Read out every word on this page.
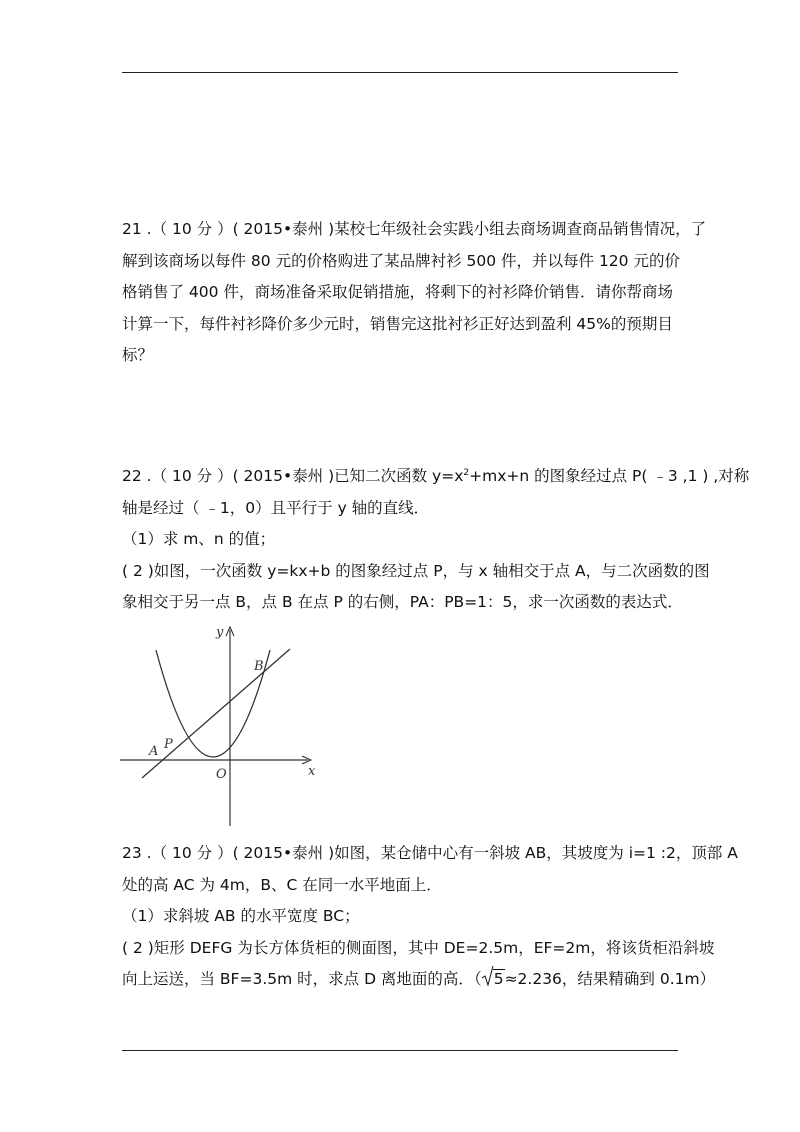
21 .（ 10 分 ）( 2015•泰州 )某校七年级社会实践小组去商场调查商品销售情况，了

解到该商场以每件 80 元的价格购进了某品牌衬衫 500 件，并以每件 120 元的价

格销售了 400 件，商场准备采取促销措施，将剩下的衬衫降价销售．请你帮商场

计算一下，每件衬衫降价多少元时，销售完这批衬衫正好达到盈利 45%的预期目

标？

22 .（ 10 分 ）( 2015•泰州 )已知二次函数 $y=x^2+mx+n$ 的图象经过点 P( ﹣3 ,1 ) ,对称

轴是经过（ ﹣1，0）且平行于 y 轴的直线．

（1）求 m、n 的值；

( 2 )如图，一次函数 y=kx+b 的图象经过点 P，与 x 轴相交于点 A，与二次函数的图

象相交于另一点 B，点 B 在点 P 的右侧，PA：PB=1：5，求一次函数的表达式．

y
x
O
A P
B

23 .（ 10 分 ）( 2015•泰州 )如图，某仓储中心有一斜坡 AB，其坡度为 i=1 :2，顶部 A

处的高 AC 为 4m，B、C 在同一水平地面上．

（1）求斜坡 AB 的水平宽度 BC；

( 2 )矩形 DEFG 为长方体货柜的侧面图，其中 DE=2.5m，EF=2m，将该货柜沿斜坡

向上运送，当 BF=3.5m 时，求点 D 离地面的高．（ 5≈2.236，结果精确到 0.1m）
